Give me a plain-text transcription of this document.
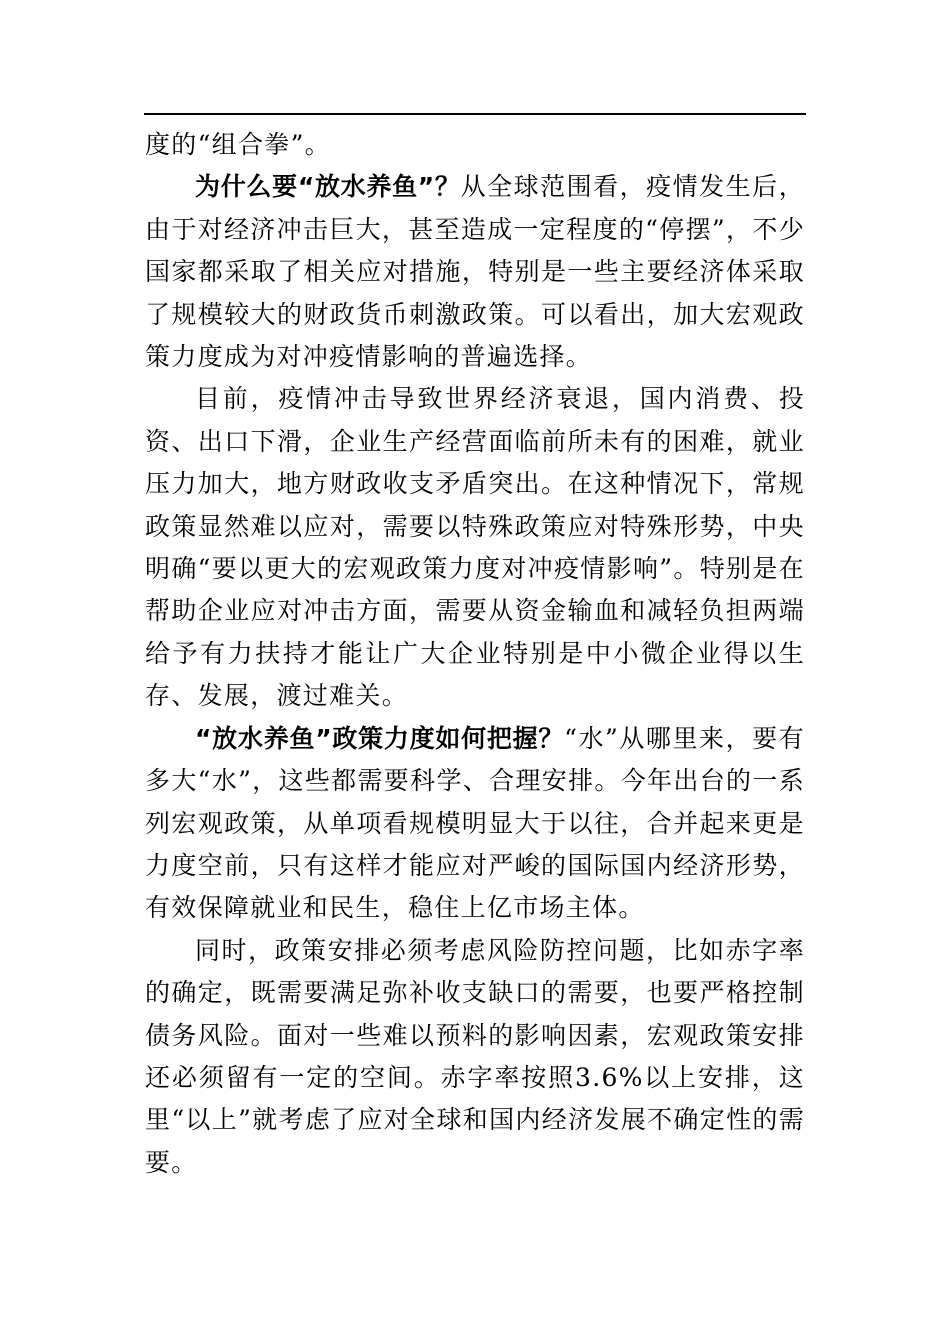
度的“组合拳”。

为什么要“放水养鱼”？从全球范围看，疫情发生后，由于对经济冲击巨大，甚至造成一定程度的“停摆”，不少国家都采取了相关应对措施，特别是一些主要经济体采取了规模较大的财政货币刺激政策。可以看出，加大宏观政策力度成为对冲疫情影响的普遍选择。

目前，疫情冲击导致世界经济衰退，国内消费、投资、出口下滑，企业生产经营面临前所未有的困难，就业压力加大，地方财政收支矛盾突出。在这种情况下，常规政策显然难以应对，需要以特殊政策应对特殊形势，中央明确“要以更大的宏观政策力度对冲疫情影响”。特别是在帮助企业应对冲击方面，需要从资金输血和减轻负担两端给予有力扶持才能让广大企业特别是中小微企业得以生存、发展，渡过难关。

“放水养鱼”政策力度如何把握？“水”从哪里来，要有多大“水”，这些都需要科学、合理安排。今年出台的一系列宏观政策，从单项看规模明显大于以往，合并起来更是力度空前，只有这样才能应对严峻的国际国内经济形势，有效保障就业和民生，稳住上亿市场主体。

同时，政策安排必须考虑风险防控问题，比如赤字率的确定，既需要满足弥补收支缺口的需要，也要严格控制债务风险。面对一些难以预料的影响因素，宏观政策安排还必须留有一定的空间。赤字率按照3.6%以上安排，这里“以上”就考虑了应对全球和国内经济发展不确定性的需要。
